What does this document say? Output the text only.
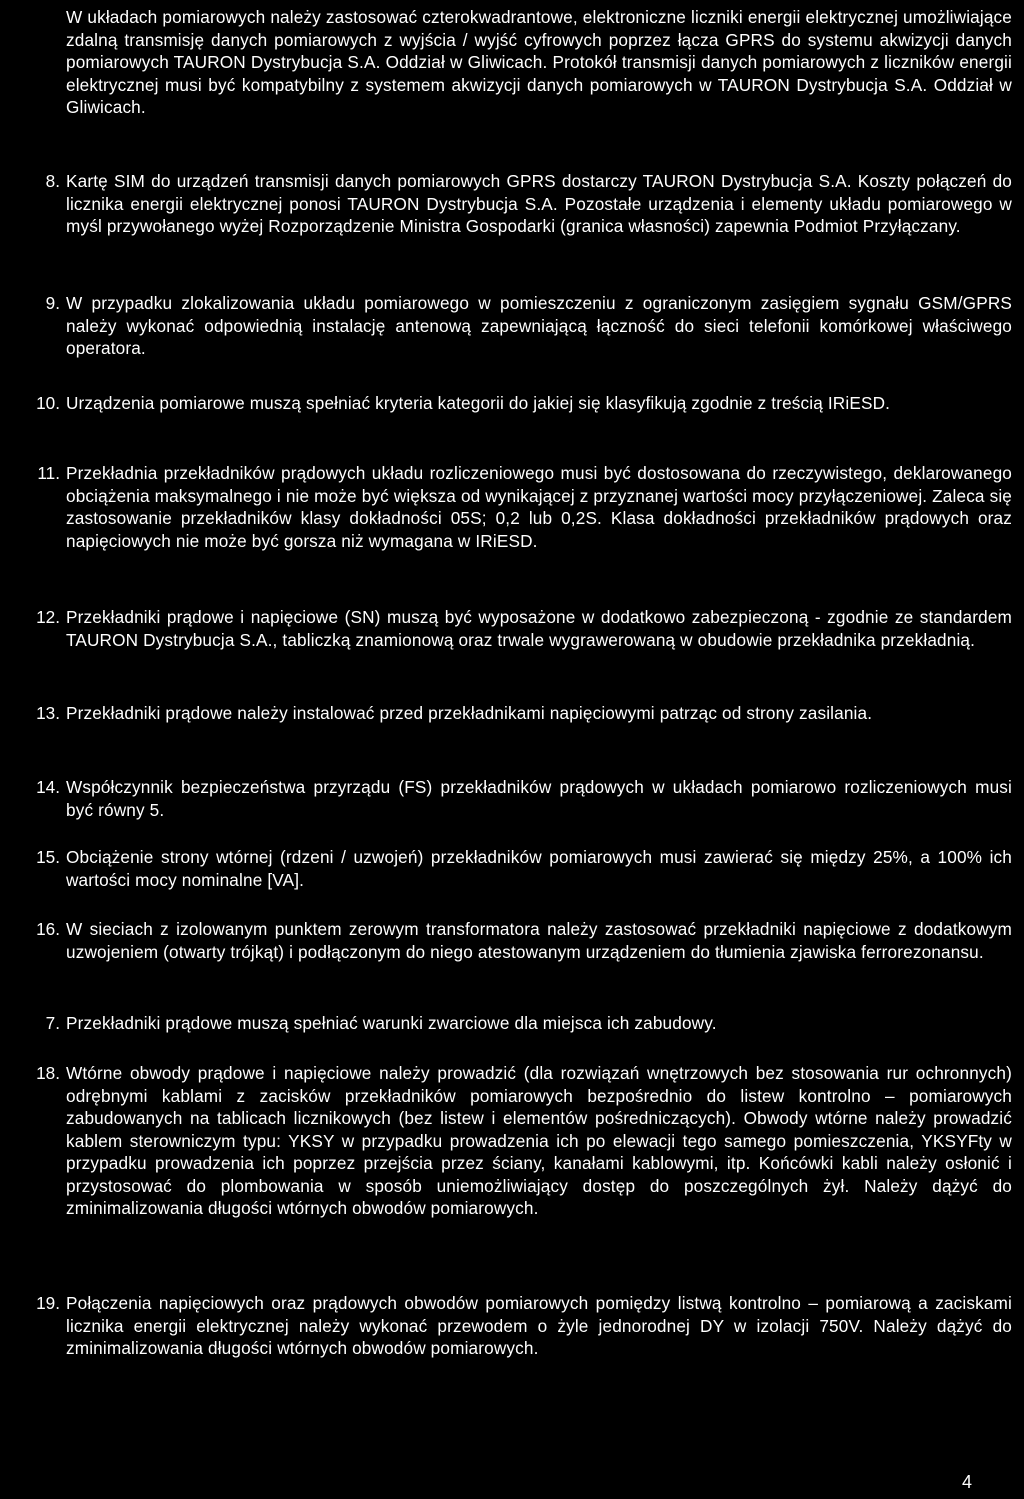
W układach pomiarowych należy zastosować czterokwadrantowe, elektroniczne liczniki energii elektrycznej umożliwiające zdalną transmisję danych pomiarowych z wyjścia / wyjść cyfrowych poprzez łącza GPRS do systemu akwizycji danych pomiarowych TAURON Dystrybucja S.A. Oddział w Gliwicach. Protokół transmisji danych pomiarowych z liczników energii elektrycznej musi być kompatybilny z systemem akwizycji danych pomiarowych w TAURON Dystrybucja S.A. Oddział w Gliwicach.

8. Kartę SIM do urządzeń transmisji danych pomiarowych GPRS dostarczy TAURON Dystrybucja S.A. Koszty połączeń do licznika energii elektrycznej ponosi TAURON Dystrybucja S.A. Pozostałe urządzenia i elementy układu pomiarowego w myśl przywołanego wyżej Rozporządzenie Ministra Gospodarki (granica własności) zapewnia Podmiot Przyłączany.
9. W przypadku zlokalizowania układu pomiarowego w pomieszczeniu z ograniczonym zasięgiem sygnału GSM/GPRS należy wykonać odpowiednią instalację antenową zapewniającą łączność do sieci telefonii komórkowej właściwego operatora.
10. Urządzenia pomiarowe muszą spełniać kryteria kategorii do jakiej się klasyfikują zgodnie z treścią IRiESD.
11. Przekładnia przekładników prądowych układu rozliczeniowego musi być dostosowana do rzeczywistego, deklarowanego obciążenia maksymalnego i nie może być większa od wynikającej z przyznanej wartości mocy przyłączeniowej. Zaleca się zastosowanie przekładników klasy dokładności 05S; 0,2 lub 0,2S. Klasa dokładności przekładników prądowych oraz napięciowych nie może być gorsza niż wymagana w IRiESD.
12. Przekładniki prądowe i napięciowe (SN) muszą być wyposażone w dodatkowo zabezpieczoną - zgodnie ze standardem TAURON Dystrybucja S.A., tabliczką znamionową oraz trwale wygrawerowaną w obudowie przekładnika przekładnią.
13. Przekładniki prądowe należy instalować przed przekładnikami napięciowymi patrząc od strony zasilania.
14. Współczynnik bezpieczeństwa przyrządu (FS) przekładników prądowych w układach pomiarowo rozliczeniowych musi być równy 5.
15. Obciążenie strony wtórnej (rdzeni / uzwojeń) przekładników pomiarowych musi zawierać się między 25%, a 100% ich wartości mocy nominalne [VA].
16. W sieciach z izolowanym punktem zerowym transformatora należy zastosować przekładniki napięciowe z dodatkowym uzwojeniem (otwarty trójkąt) i podłączonym do niego atestowanym urządzeniem do tłumienia zjawiska ferrorezonansu.
7. Przekładniki prądowe muszą spełniać warunki zwarciowe dla miejsca ich zabudowy.
18. Wtórne obwody prądowe i napięciowe należy prowadzić (dla rozwiązań wnętrzowych bez stosowania rur ochronnych) odrębnymi kablami z zacisków przekładników pomiarowych bezpośrednio do listew kontrolno – pomiarowych zabudowanych na tablicach licznikowych (bez listew i elementów pośredniczących). Obwody wtórne należy prowadzić kablem sterowniczym typu: YKSY w przypadku prowadzenia ich po elewacji tego samego pomieszczenia, YKSYFty w przypadku prowadzenia ich poprzez przejścia przez ściany, kanałami kablowymi, itp. Końcówki kabli należy osłonić i przystosować do plombowania w sposób uniemożliwiający dostęp do poszczególnych żył. Należy dążyć do zminimalizowania długości wtórnych obwodów pomiarowych.
19. Połączenia napięciowych oraz prądowych obwodów pomiarowych pomiędzy listwą kontrolno – pomiarową a zaciskami licznika energii elektrycznej należy wykonać przewodem o żyle jednorodnej DY w izolacji 750V. Należy dążyć do zminimalizowania długości wtórnych obwodów pomiarowych.
4
